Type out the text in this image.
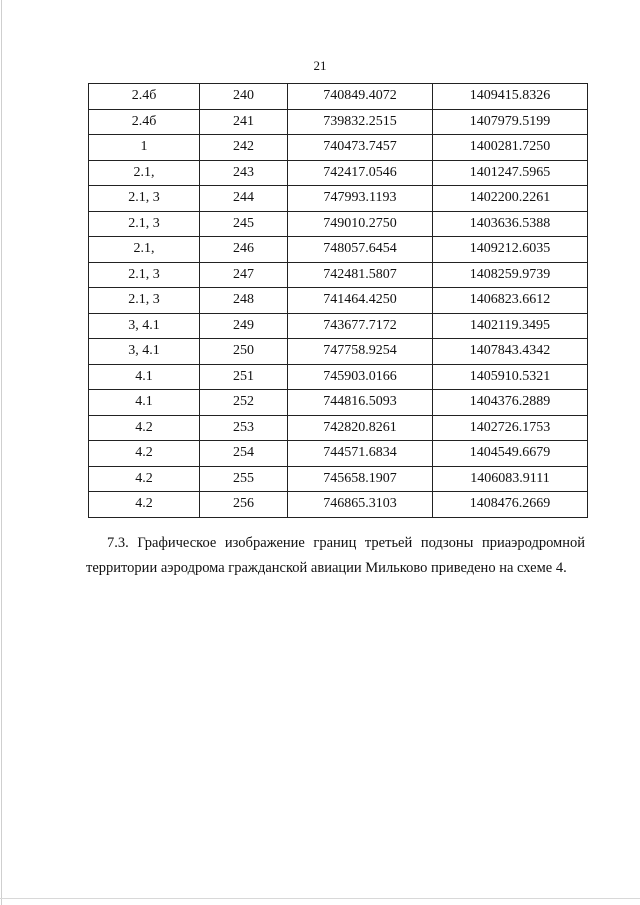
21
2.4б	240	740849.4072	1409415.8326
2.4б	241	739832.2515	1407979.5199
1	242	740473.7457	1400281.7250
2.1,	243	742417.0546	1401247.5965
2.1, 3	244	747993.1193	1402200.2261
2.1, 3	245	749010.2750	1403636.5388
2.1,	246	748057.6454	1409212.6035
2.1, 3	247	742481.5807	1408259.9739
2.1, 3	248	741464.4250	1406823.6612
3, 4.1	249	743677.7172	1402119.3495
3, 4.1	250	747758.9254	1407843.4342
4.1	251	745903.0166	1405910.5321
4.1	252	744816.5093	1404376.2889
4.2	253	742820.8261	1402726.1753
4.2	254	744571.6834	1404549.6679
4.2	255	745658.1907	1406083.9111
4.2	256	746865.3103	1408476.2669
7.3. Графическое изображение границ третьей подзоны приаэродромной
территории аэродрома гражданской авиации Мильково приведено на схеме 4.
